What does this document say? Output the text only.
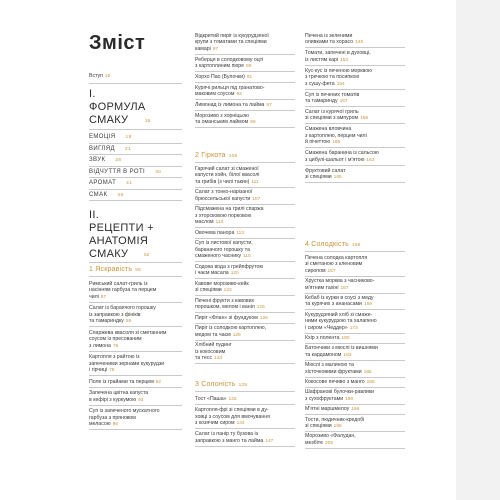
Зміст
Вступ 10
I.
ФОРМУЛА
СМАКУ	16
ЕМОЦІЯ 18
ВИГЛЯД 21
ЗВУК 28
ВІДЧУТТЯ В РОТІ 30
АРОМАТ 41
СМАК 48
II.
РЕЦЕПТИ +
АНАТОМІЯ
СМАКУ	52
1 Яскравість 55
Римський салат-гриль із
насінням гарбуза та перцем
чилі 57
Салат із бараячого горошку
із заправкою з фініків
та тамариндку 59
Спаржева квасоля зі сметанним
соусом із пресованим
з лимона 76
Картопля з райтою із
запеченими зернами кукурудзи
і гірчиці 78
Поле із грайами та перцем 82
Запечена цвітна капуста
в кефірі з куркумою 93
Суп із запеченого мускатного
гарбуза з пряновом
меласою 96
Відкритий пиріг із кукурудзяної
крупи з томатами та спеціями
камарі 97
Реберця в солодковому оцті
з картоплиним пюре 89
Хорхо Пао (Булочки) 91
Курячі рильця під гранатово-
маковим соусом 93
Лимонад із лимона та лайма 97
Морозиво з хорніцьою
та оманським лаймом 99
2 Гіркота 106
Гарячий салат зі смаженої
капусти хойн, білої квасолі
та грибів (з чилі такин) 111
Салат з тонко-нарізаної
брюссельської капусти 107
Підсмажена на грилі спаржа
з хторсковою порковою
маслом 110
Овочева панора 113
Суп із листової капусти,
бараначого горошку та
смаженого часнику 115
Содова вода з грейпфрутом
і чаєм масала 120
Кавове морозиво-кейк
зі спеціями 123
Печені фрукти з кавових
порошком, мелом і ваніл 125
Пиріг «Флан» зі фундуком 126
Пиріг із солодкою картоплею,
медом та чаєм 129
Хлібний пудинг
із кокосовим
та тесс 133
3 Солоність 125
Тост «Паша» 132
Картопля-фрі зі спеціями в ду-
ховці з соусом для вмочування
з козячим сиром 144
Салат із панір ту бузова із
заправкою з манго та лайма 147
Печена із зеленими
оливками та хорасо 149
Томати, запечені в духовці,
із листям карі 153
Кус-кус із печеною морквою
з гречкою та посипкою
з сушу-фета 154
Суп із печених томатів
та тамаринду 157
Салат із курячої гриль
зі спеціями з ампуром 159
Смажена вловчина
з картоплею, перцем чилі
й пічеттою 166
Смажена баранина із сальсою
з цибулі-шальот і м'ятою 163
Фруктовий салат
зі спеціями 165
4 Солодкість 156
Печена солодка картопля
зі сметаною з кленовим
сиропом 157
Хрустка морква з часниково-
м'ятним тахіні 167
Кебаб із курки в соусі з меду
та курячих з ананасами 169
Кукурудзяний хліб зі смаже-
ними кукурудзою та халапено
і сиром «Чеддер» 173
Кхір з полента 180
Батончики з мюслі із вишнями
та кардамоном 183
Мюслі з малиною та
хісточковими фруктами 186
Кокосове печиво з манго 188
Шафранові булочки-равлики
з сухофруктами 190
М'ятні маршмелоу 196
Тости, пюдичник-кредобі
зі спеціями 198
Морозиво «Фалудан,
мезбіте 206
